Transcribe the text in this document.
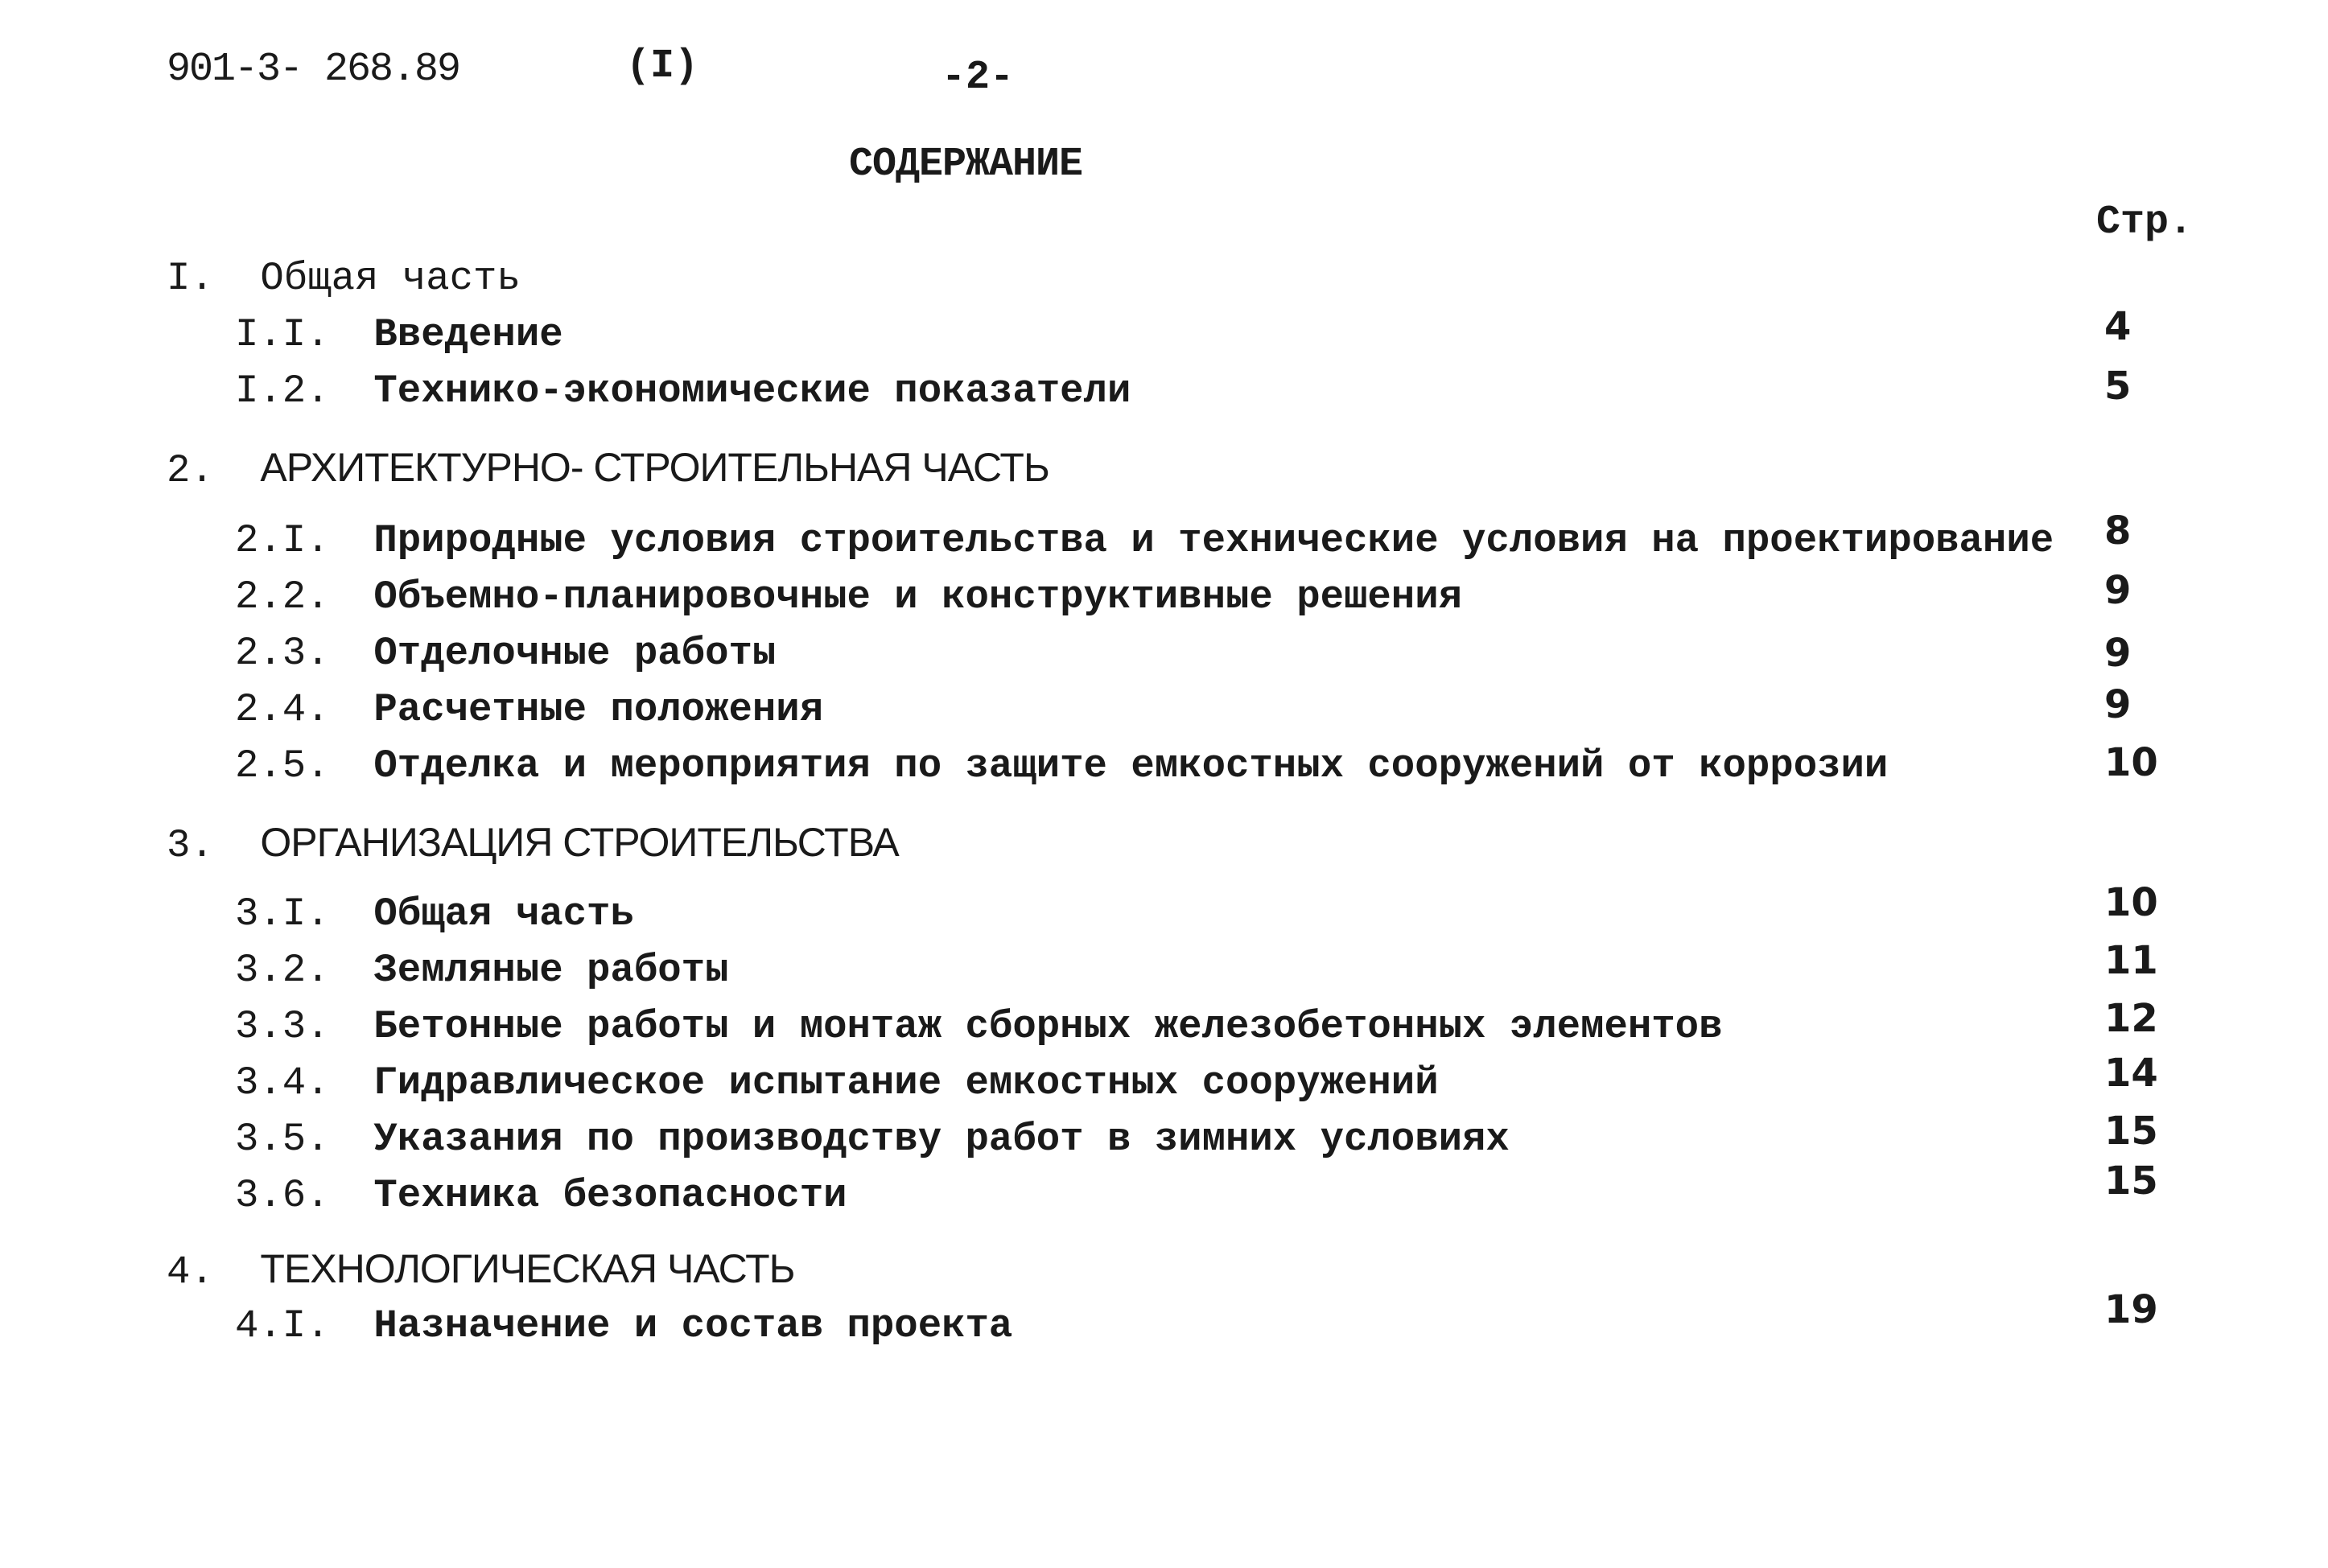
901-3- 268.89	(I)	-2-
СОДЕРЖАНИЕ
Стр.
I. Общая часть
I.I. Введение	4
I.2. Технико-экономические показатели	5
2. АРХИТЕКТУРНО- СТРОИТЕЛЬНАЯ ЧАСТЬ
2.I. Природные условия строительства и технические условия на проектирование 8
2.2. Объемно-планировочные и конструктивные решения	9
2.3. Отделочные работы	9
2.4. Расчетные положения	9
2.5. Отделка и мероприятия по защите емкостных сооружений от коррозии	10
3. ОРГАНИЗАЦИЯ СТРОИТЕЛЬСТВА
3.I. Общая часть	10
3.2. Земляные работы	11
3.3. Бетонные работы и монтаж сборных железобетонных элементов	12
3.4. Гидравлическое испытание емкостных сооружений	14
3.5. Указания по производству работ в зимних условиях	15
3.6. Техника безопасности	15
4. ТЕХНОЛОГИЧЕСКАЯ ЧАСТЬ
4.I. Назначение и состав проекта	19
